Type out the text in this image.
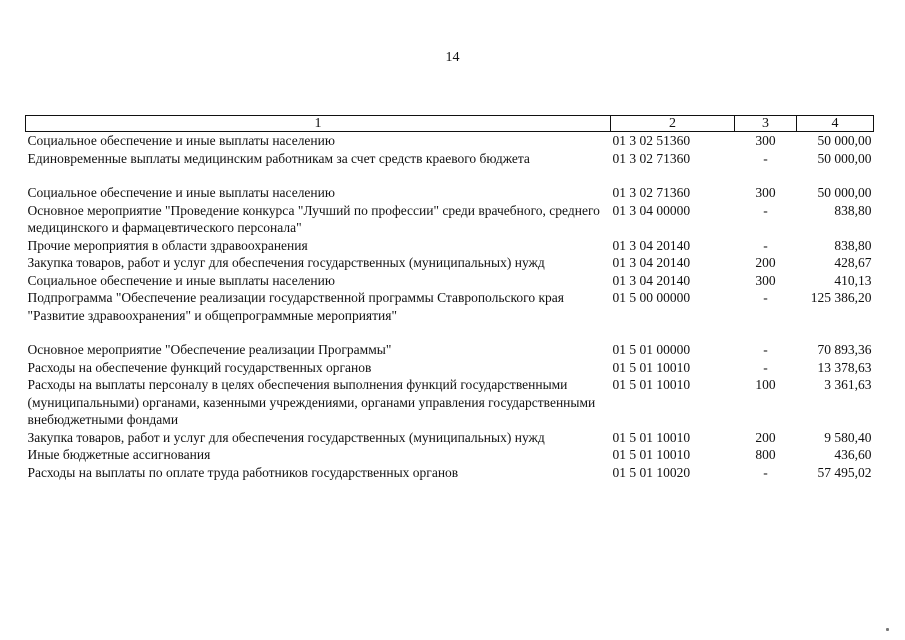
14
1	2	3	4
Социальное обеспечение и иные выплаты населению	01 3 02 51360	300	50 000,00
Единовременные выплаты медицинским работникам за счет средств краевого бюджета	01 3 02 71360	-	50 000,00

Социальное обеспечение и иные выплаты населению	01 3 02 71360	300	50 000,00
Основное мероприятие "Проведение конкурса "Лучший по профессии" среди врачебного, среднего медицинского и фармацевтического персонала"	01 3 04 00000	-	838,80
Прочие мероприятия в области здравоохранения	01 3 04 20140	-	838,80
Закупка товаров, работ и услуг для обеспечения государственных (муниципальных) нужд	01 3 04 20140	200	428,67
Социальное обеспечение и иные выплаты населению	01 3 04 20140	300	410,13
Подпрограмма "Обеспечение реализации государственной программы Ставропольского края "Развитие здравоохранения" и общепрограммные мероприятия"	01 5 00 00000	-	125 386,20

Основное мероприятие "Обеспечение реализации Программы"	01 5 01 00000	-	70 893,36
Расходы на обеспечение функций государственных органов	01 5 01 10010	-	13 378,63
Расходы на выплаты персоналу в целях обеспечения выполнения функций государственными (муниципальными) органами, казенными учреждениями, органами управления государственными внебюджетными фондами	01 5 01 10010	100	3 361,63
Закупка товаров, работ и услуг для обеспечения государственных (муниципальных) нужд	01 5 01 10010	200	9 580,40
Иные бюджетные ассигнования	01 5 01 10010	800	436,60
Расходы на выплаты по оплате труда работников государственных органов	01 5 01 10020	-	57 495,02
